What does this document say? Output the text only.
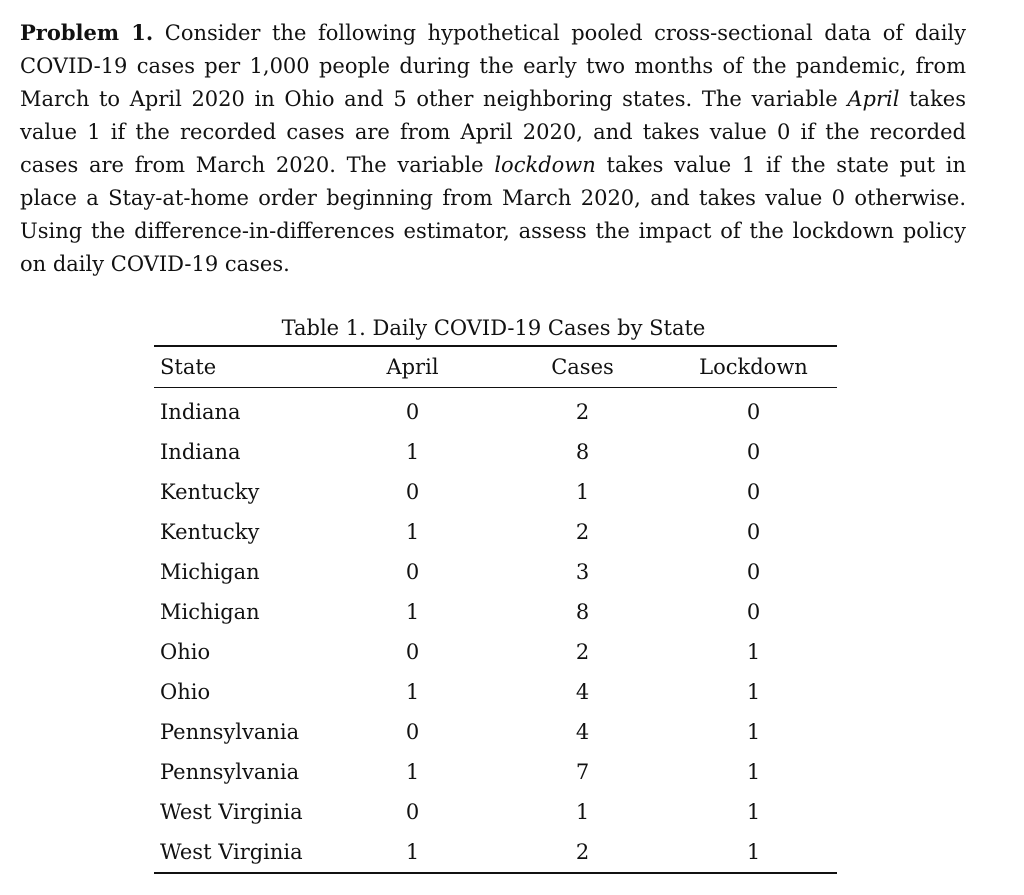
Problem 1. Consider the following hypothetical pooled cross-sectional data of daily COVID-19 cases per 1,000 people during the early two months of the pandemic, from March to April 2020 in Ohio and 5 other neighboring states. The variable April takes value 1 if the recorded cases are from April 2020, and takes value 0 if the recorded cases are from March 2020. The variable lockdown takes value 1 if the state put in place a Stay-at-home order beginning from March 2020, and takes value 0 otherwise. Using the difference-in-differences estimator, assess the impact of the lockdown policy on daily COVID-19 cases.
Table 1. Daily COVID-19 Cases by State
State	April	Cases	Lockdown
Indiana	0	2	0
Indiana	1	8	0
Kentucky	0	1	0
Kentucky	1	2	0
Michigan	0	3	0
Michigan	1	8	0
Ohio	0	2	1
Ohio	1	4	1
Pennsylvania	0	4	1
Pennsylvania	1	7	1
West Virginia	0	1	1
West Virginia	1	2	1
